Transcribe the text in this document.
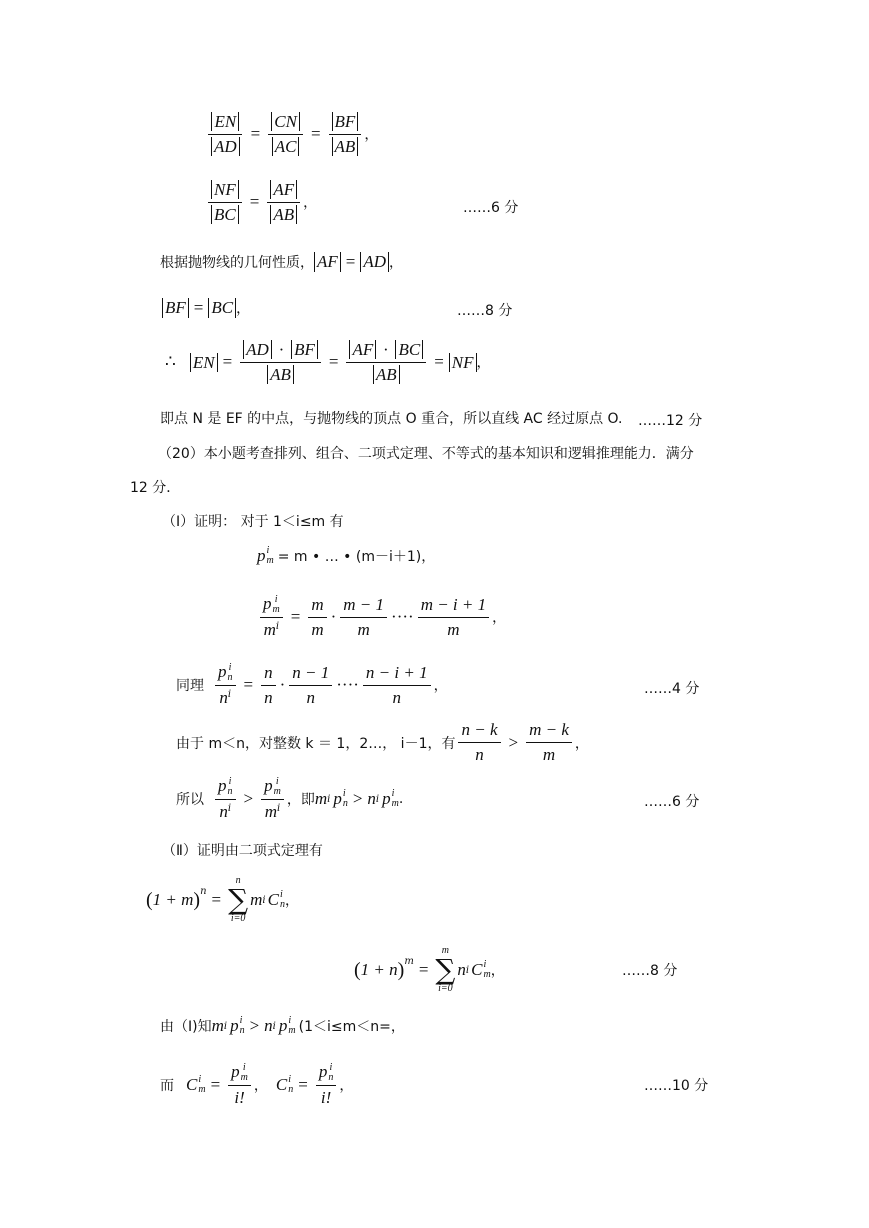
$\frac{EN}{AD} = \frac{CN}{AC} = \frac{BF}{AB}$ ，
$\frac{NF}{BC} = \frac{AF}{AB}$ ，	……6 分
根据抛物线的几何性质， AF = AD ，
BF = BC ，	……8 分
∴ EN = $\frac{AD \cdot BF}{AB} = \frac{AF \cdot BC}{AB}$ = NF ，
即点 N 是 EF 的中点，与抛物线的顶点 O 重合，所以直线 AC 经过原点 O. ……12 分
（20）本小题考查排列、组合、二项式定理、不等式的基本知识和逻辑推理能力．满分
12 分．
（Ⅰ）证明： 对于 1＜i≤m 有
p i
m = m • … • (m－i＋1)，
p i
m
$m^i = \frac{m}{m} \cdot \frac{m - 1}{m}$ ···· $\frac{m - i + 1}{m}$ ，
同理 p i
n
$n^i = \frac{n}{n} \cdot \frac{n - 1}{n}$ ···· $\frac{n - i + 1}{n}$ ，	……4 分
由于 m＜n，对整数 k ＝ 1，2…， i－1，有 $\frac{n - k}{n} > \frac{m - k}{m}$ ，
所以 p i
n
$n^i > p$ i
m
$m^i$ ，即 m i p i
n > n i p i
m .	……6 分
（Ⅱ）证明由二项式定理有
( 1 + m )$^n$ =
n
∑
i=0
m i C i
n ，
( 1 + n )$^m$ =
m
∑
i=0
n i C i
m ，	……8 分
由（Ⅰ)知 m i p i
n > n i p i
m (1＜i≤m＜n=，
而 C i
m = p i
m
i! ， C i
n = p i
n
i! ，	……10 分
